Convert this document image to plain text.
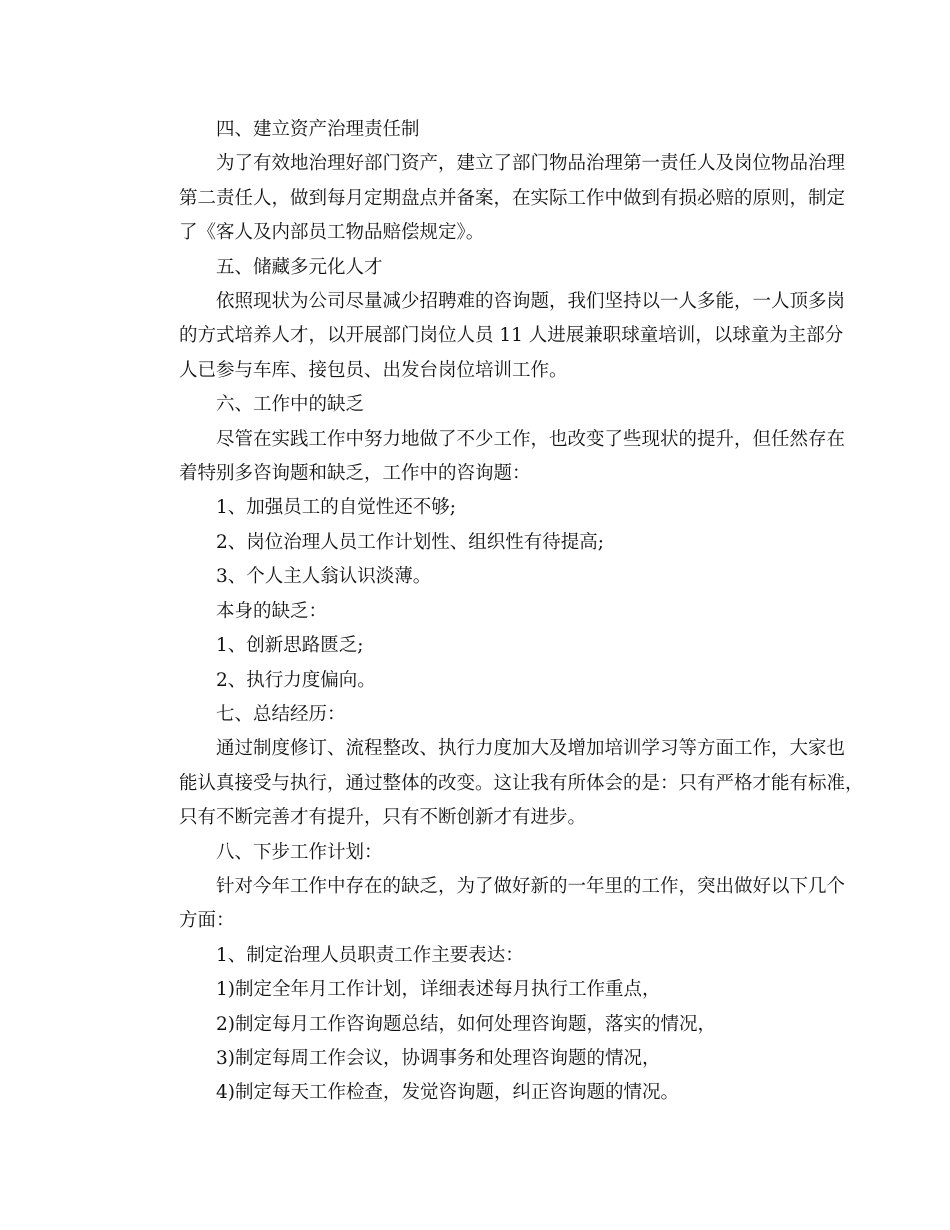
四、建立资产治理责任制
为了有效地治理好部门资产，建立了部门物品治理第一责任人及岗位物品治理
第二责任人，做到每月定期盘点并备案，在实际工作中做到有损必赔的原则，制定
了《客人及内部员工物品赔偿规定》。
五、储藏多元化人才
依照现状为公司尽量减少招聘难的咨询题，我们坚持以一人多能，一人顶多岗
的方式培养人才，以开展部门岗位人员 11 人进展兼职球童培训，以球童为主部分
人已参与车库、接包员、出发台岗位培训工作。
六、工作中的缺乏
尽管在实践工作中努力地做了不少工作，也改变了些现状的提升，但任然存在
着特别多咨询题和缺乏，工作中的咨询题：
1、加强员工的自觉性还不够;
2、岗位治理人员工作计划性、组织性有待提高;
3、个人主人翁认识淡薄。
本身的缺乏：
1、创新思路匮乏;
2、执行力度偏向。
七、总结经历：
通过制度修订、流程整改、执行力度加大及增加培训学习等方面工作，大家也
能认真接受与执行，通过整体的改变。这让我有所体会的是：只有严格才能有标准，
只有不断完善才有提升，只有不断创新才有进步。
八、下步工作计划：
针对今年工作中存在的缺乏，为了做好新的一年里的工作，突出做好以下几个
方面：
1、制定治理人员职责工作主要表达：
1)制定全年月工作计划，详细表述每月执行工作重点，
2)制定每月工作咨询题总结，如何处理咨询题，落实的情况，
3)制定每周工作会议，协调事务和处理咨询题的情况，
4)制定每天工作检查，发觉咨询题，纠正咨询题的情况。
